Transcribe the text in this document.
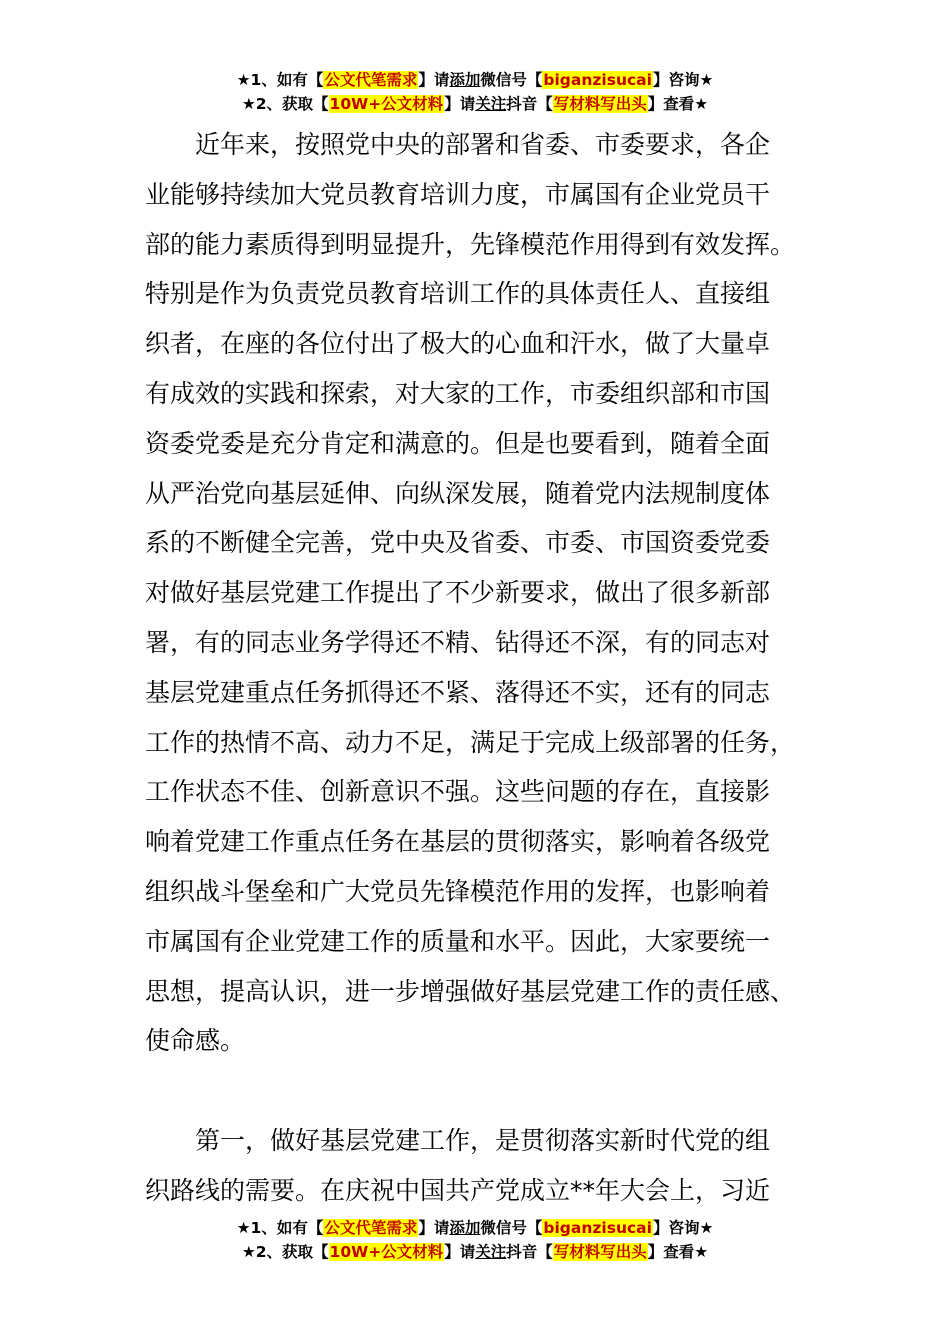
★1、如有【公文代笔需求】请添加微信号【biganzisucai】咨询★
★2、获取【10W+公文材料】请关注抖音【写材料写出头】查看★
　　近年来，按照党中央的部署和省委、市委要求，各企
业能够持续加大党员教育培训力度，市属国有企业党员干
部的能力素质得到明显提升，先锋模范作用得到有效发挥。
特别是作为负责党员教育培训工作的具体责任人、直接组
织者，在座的各位付出了极大的心血和汗水，做了大量卓
有成效的实践和探索，对大家的工作，市委组织部和市国
资委党委是充分肯定和满意的。但是也要看到，随着全面
从严治党向基层延伸、向纵深发展，随着党内法规制度体
系的不断健全完善，党中央及省委、市委、市国资委党委
对做好基层党建工作提出了不少新要求，做出了很多新部
署，有的同志业务学得还不精、钻得还不深，有的同志对
基层党建重点任务抓得还不紧、落得还不实，还有的同志
工作的热情不高、动力不足，满足于完成上级部署的任务，
工作状态不佳、创新意识不强。这些问题的存在，直接影
响着党建工作重点任务在基层的贯彻落实，影响着各级党
组织战斗堡垒和广大党员先锋模范作用的发挥，也影响着
市属国有企业党建工作的质量和水平。因此，大家要统一
思想，提高认识，进一步增强做好基层党建工作的责任感、
使命感。
　　第一，做好基层党建工作，是贯彻落实新时代党的组
织路线的需要。在庆祝中国共产党成立**年大会上，习近
★1、如有【公文代笔需求】请添加微信号【biganzisucai】咨询★
★2、获取【10W+公文材料】请关注抖音【写材料写出头】查看★
